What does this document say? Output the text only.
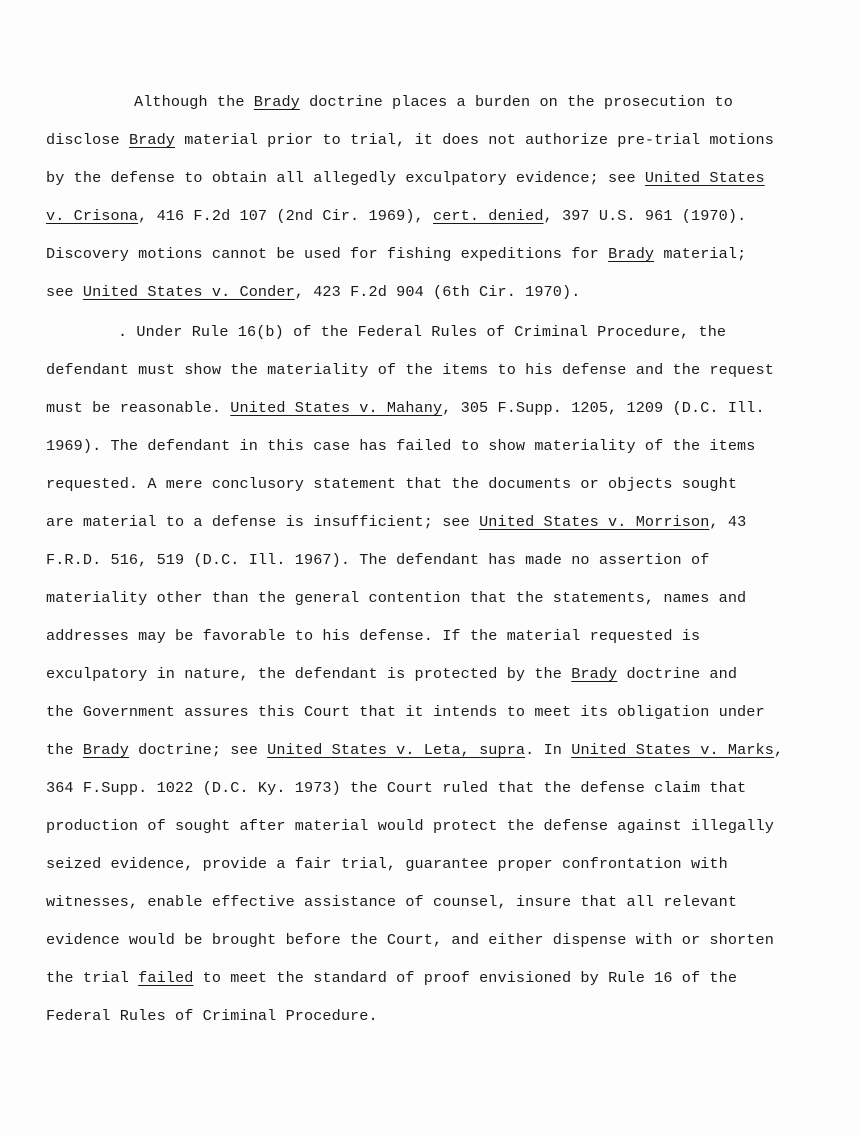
Although the Brady doctrine places a burden on the prosecution to
disclose Brady material prior to trial, it does not authorize pre-trial motions
by the defense to obtain all allegedly exculpatory evidence; see United States
v. Crisona, 416 F.2d 107 (2nd Cir. 1969), cert. denied, 397 U.S. 961 (1970).
Discovery motions cannot be used for fishing expeditions for Brady material;
see United States v. Conder, 423 F.2d 904 (6th Cir. 1970).
. Under Rule 16(b) of the Federal Rules of Criminal Procedure, the
defendant must show the materiality of the items to his defense and the request
must be reasonable. United States v. Mahany, 305 F.Supp. 1205, 1209 (D.C. Ill.
1969). The defendant in this case has failed to show materiality of the items
requested. A mere conclusory statement that the documents or objects sought
are material to a defense is insufficient; see United States v. Morrison, 43
F.R.D. 516, 519 (D.C. Ill. 1967). The defendant has made no assertion of
materiality other than the general contention that the statements, names and
addresses may be favorable to his defense. If the material requested is
exculpatory in nature, the defendant is protected by the Brady doctrine and
the Government assures this Court that it intends to meet its obligation under
the Brady doctrine; see United States v. Leta, supra. In United States v. Marks,
364 F.Supp. 1022 (D.C. Ky. 1973) the Court ruled that the defense claim that
production of sought after material would protect the defense against illegally
seized evidence, provide a fair trial, guarantee proper confrontation with
witnesses, enable effective assistance of counsel, insure that all relevant
evidence would be brought before the Court, and either dispense with or shorten
the trial failed to meet the standard of proof envisioned by Rule 16 of the
Federal Rules of Criminal Procedure.
